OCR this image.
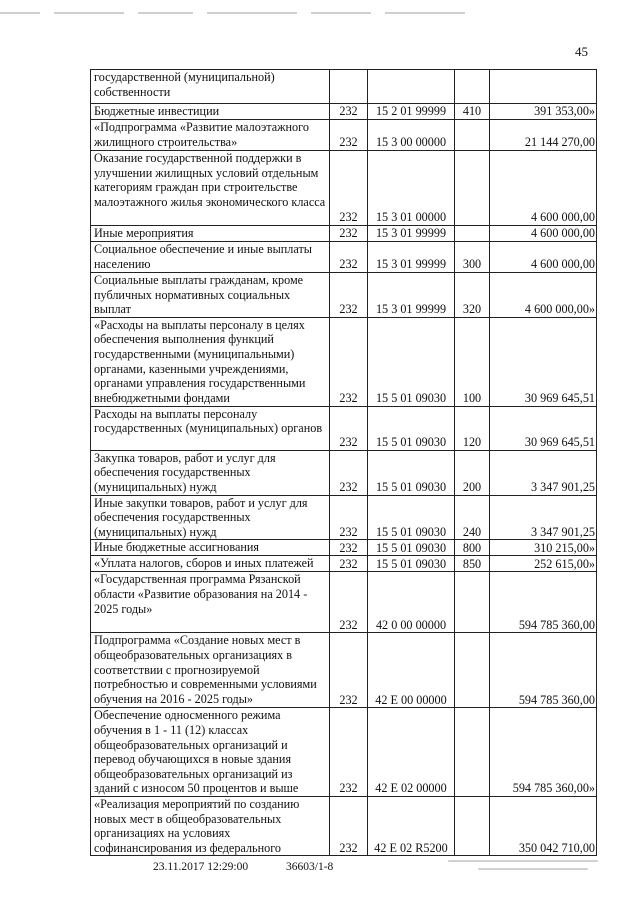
45
государственной (муниципальной) собственности				
Бюджетные инвестиции	232	15 2 01 99999	410	391 353,00»
«Подпрограмма «Развитие малоэтажного жилищного строительства»	232	15 3 00 00000		21 144 270,00
Оказание государственной поддержки в улучшении жилищных условий отдельным категориям граждан при строительстве малоэтажного жилья экономического класса	232	15 3 01 00000		4 600 000,00
Иные мероприятия	232	15 3 01 99999		4 600 000,00
Социальное обеспечение и иные выплаты населению	232	15 3 01 99999	300	4 600 000,00
Социальные выплаты гражданам, кроме публичных нормативных социальных выплат	232	15 3 01 99999	320	4 600 000,00»
«Расходы на выплаты персоналу в целях обеспечения выполнения функций государственными (муниципальными) органами, казенными учреждениями, органами управления государственными внебюджетными фондами	232	15 5 01 09030	100	30 969 645,51
Расходы на выплаты персоналу государственных (муниципальных) органов	232	15 5 01 09030	120	30 969 645,51
Закупка товаров, работ и услуг для обеспечения государственных (муниципальных) нужд	232	15 5 01 09030	200	3 347 901,25
Иные закупки товаров, работ и услуг для обеспечения государственных (муниципальных) нужд	232	15 5 01 09030	240	3 347 901,25
Иные бюджетные ассигнования	232	15 5 01 09030	800	310 215,00»
«Уплата налогов, сборов и иных платежей	232	15 5 01 09030	850	252 615,00»
«Государственная программа Рязанской области «Развитие образования на 2014 - 2025 годы»	232	42 0 00 00000		594 785 360,00
Подпрограмма «Создание новых мест в общеобразовательных организациях в соответствии с прогнозируемой потребностью и современными условиями обучения на 2016 - 2025 годы»	232	42 Е 00 00000		594 785 360,00
Обеспечение односменного режима обучения в 1 - 11 (12) классах общеобразовательных организаций и перевод обучающихся в новые здания общеобразовательных организаций из зданий с износом 50 процентов и выше	232	42 Е 02 00000		594 785 360,00»
«Реализация мероприятий по созданию новых мест в общеобразовательных организациях на условиях софинансирования из федерального	232	42 Е 02 R5200		350 042 710,00
23.11.2017 12:29:00	36603/1-8
